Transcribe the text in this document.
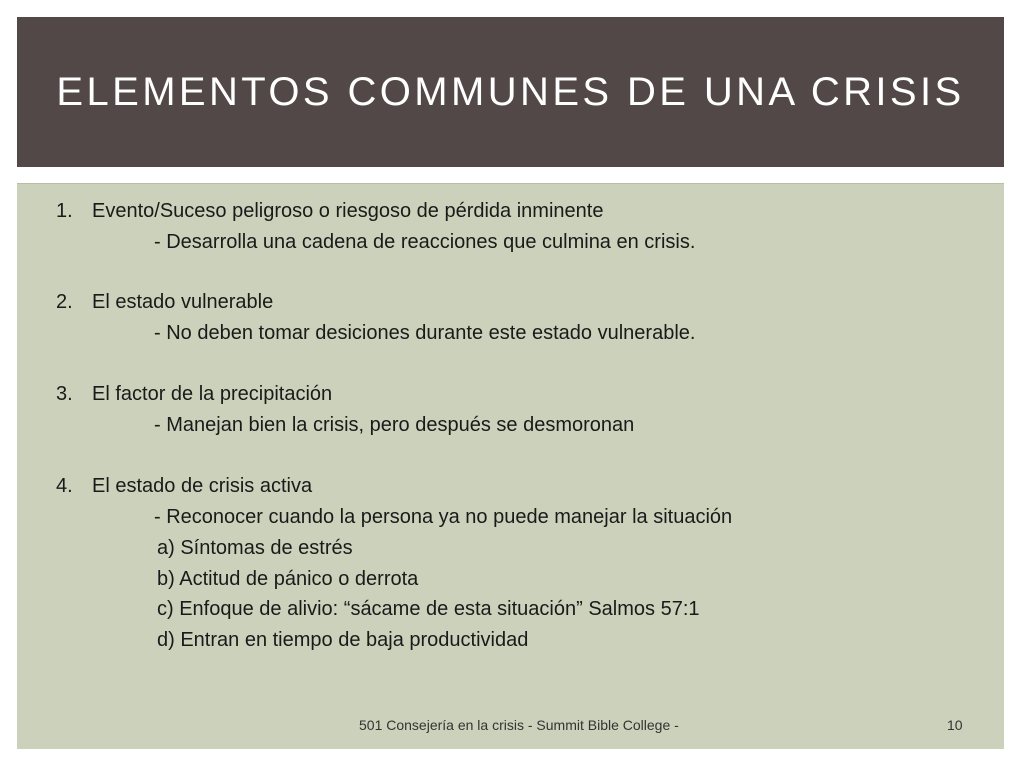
ELEMENTOS COMMUNES DE UNA CRISIS
1. Evento/Suceso peligroso o riesgoso de pérdida inminente
- Desarrolla una cadena de reacciones que culmina en crisis.
2. El estado vulnerable
- No deben tomar desiciones durante este estado vulnerable.
3. El factor de la precipitación
- Manejan bien la crisis, pero después se desmoronan
4. El estado de crisis activa
- Reconocer cuando la persona ya no puede manejar la situación
a) Síntomas de estrés
b) Actitud de pánico o derrota
c) Enfoque de alivio: “sácame de esta situación” Salmos 57:1
d) Entran en tiempo de baja productividad
501 Consejería en la crisis - Summit Bible College -	10
